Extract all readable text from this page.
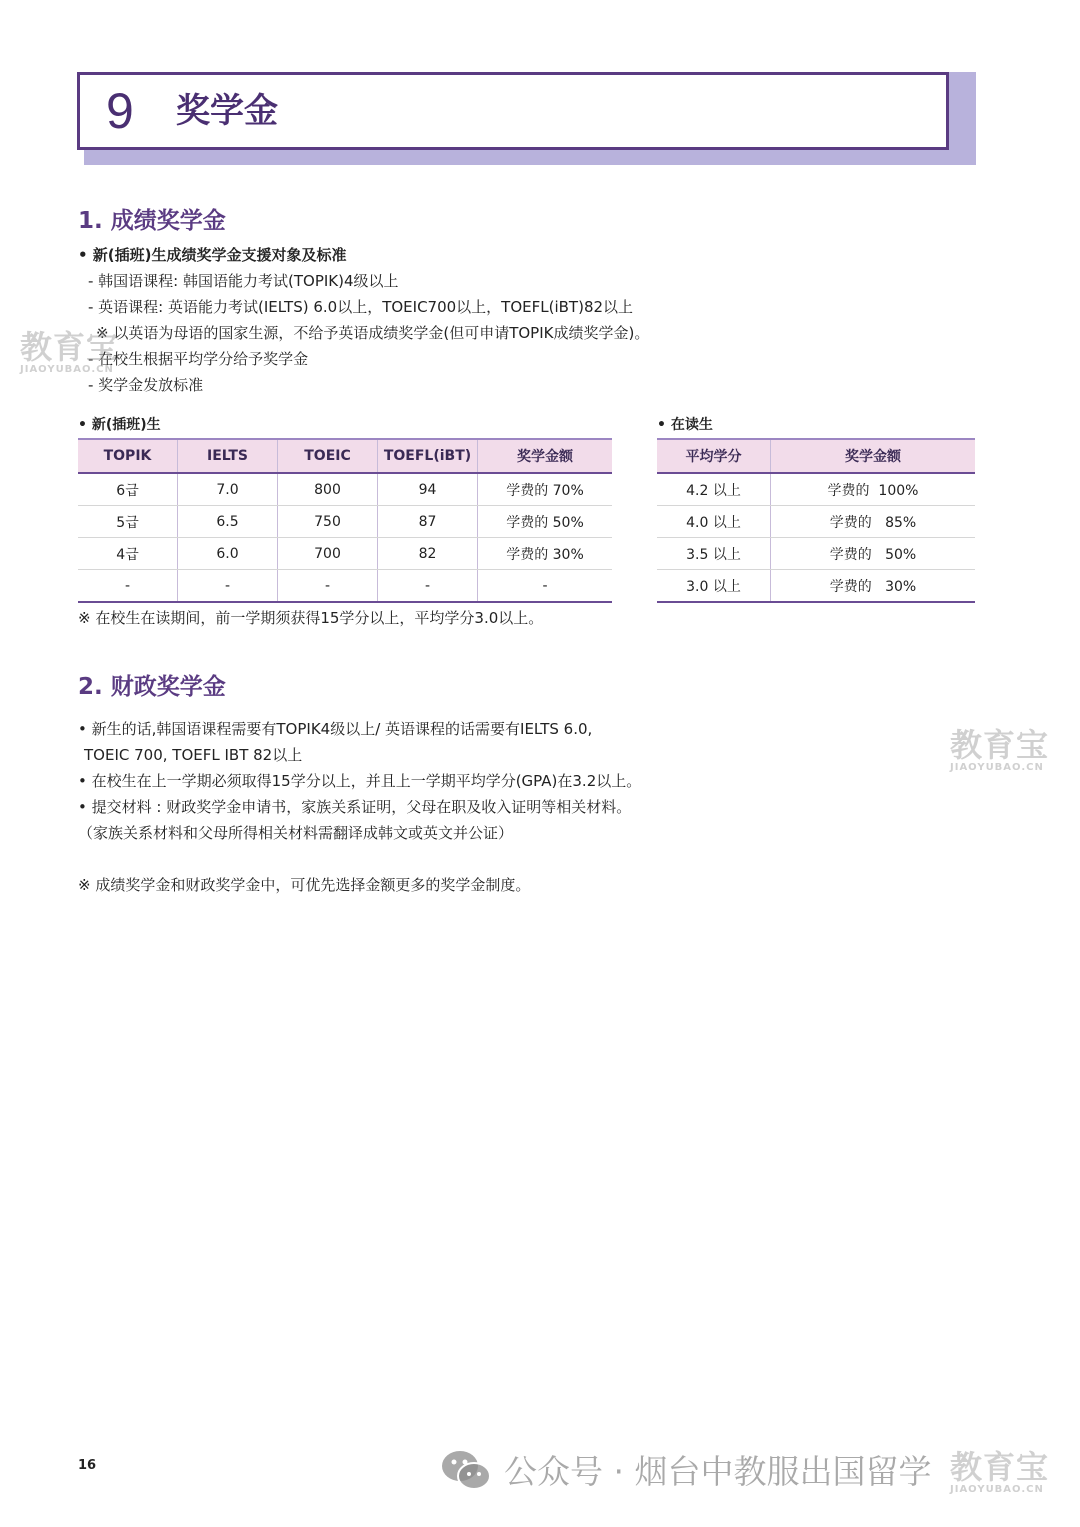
9 奖学金
1. 成绩奖学金
• 新(插班)生成绩奖学金支援对象及标准
- 韩国语课程: 韩国语能力考试(TOPIK)4级以上
- 英语课程: 英语能力考试(IELTS) 6.0以上，TOEIC700以上，TOEFL(iBT)82以上
※ 以英语为母语的国家生源，不给予英语成绩奖学金(但可申请TOPIK成绩奖学金)。
- 在校生根据平均学分给予奖学金
- 奖学金发放标准
• 新(插班)生
TOPIK	IELTS	TOEIC	TOEFL(iBT)	奖学金额
6급	7.0	800	94	学费的 70%
5급	6.5	750	87	学费的 50%
4급	6.0	700	82	学费的 30%
-	-	-	-	-
• 在读生
平均学分	奖学金额
4.2 以上	学费的  100%
4.0 以上	学费的   85%
3.5 以上	学费的   50%
3.0 以上	学费的   30%
※ 在校生在读期间，前一学期须获得15学分以上，平均学分3.0以上。
2. 财政奖学金
• 新生的话,韩国语课程需要有TOPIK4级以上/ 英语课程的话需要有IELTS 6.0,
TOEIC 700, TOEFL IBT 82以上
• 在校生在上一学期必须取得15学分以上，并且上一学期平均学分(GPA)在3.2以上。
• 提交材料 : 财政奖学金申请书，家族关系证明，父母在职及收入证明等相关材料。
（家族关系材料和父母所得相关材料需翻译成韩文或英文并公证）
※ 成绩奖学金和财政奖学金中，可优先选择金额更多的奖学金制度。
教育宝
JIAOYUBAO.CN
教育宝
JIAOYUBAO.CN
教育宝
JIAOYUBAO.CN
16	公众号 · 烟台中教服出国留学
